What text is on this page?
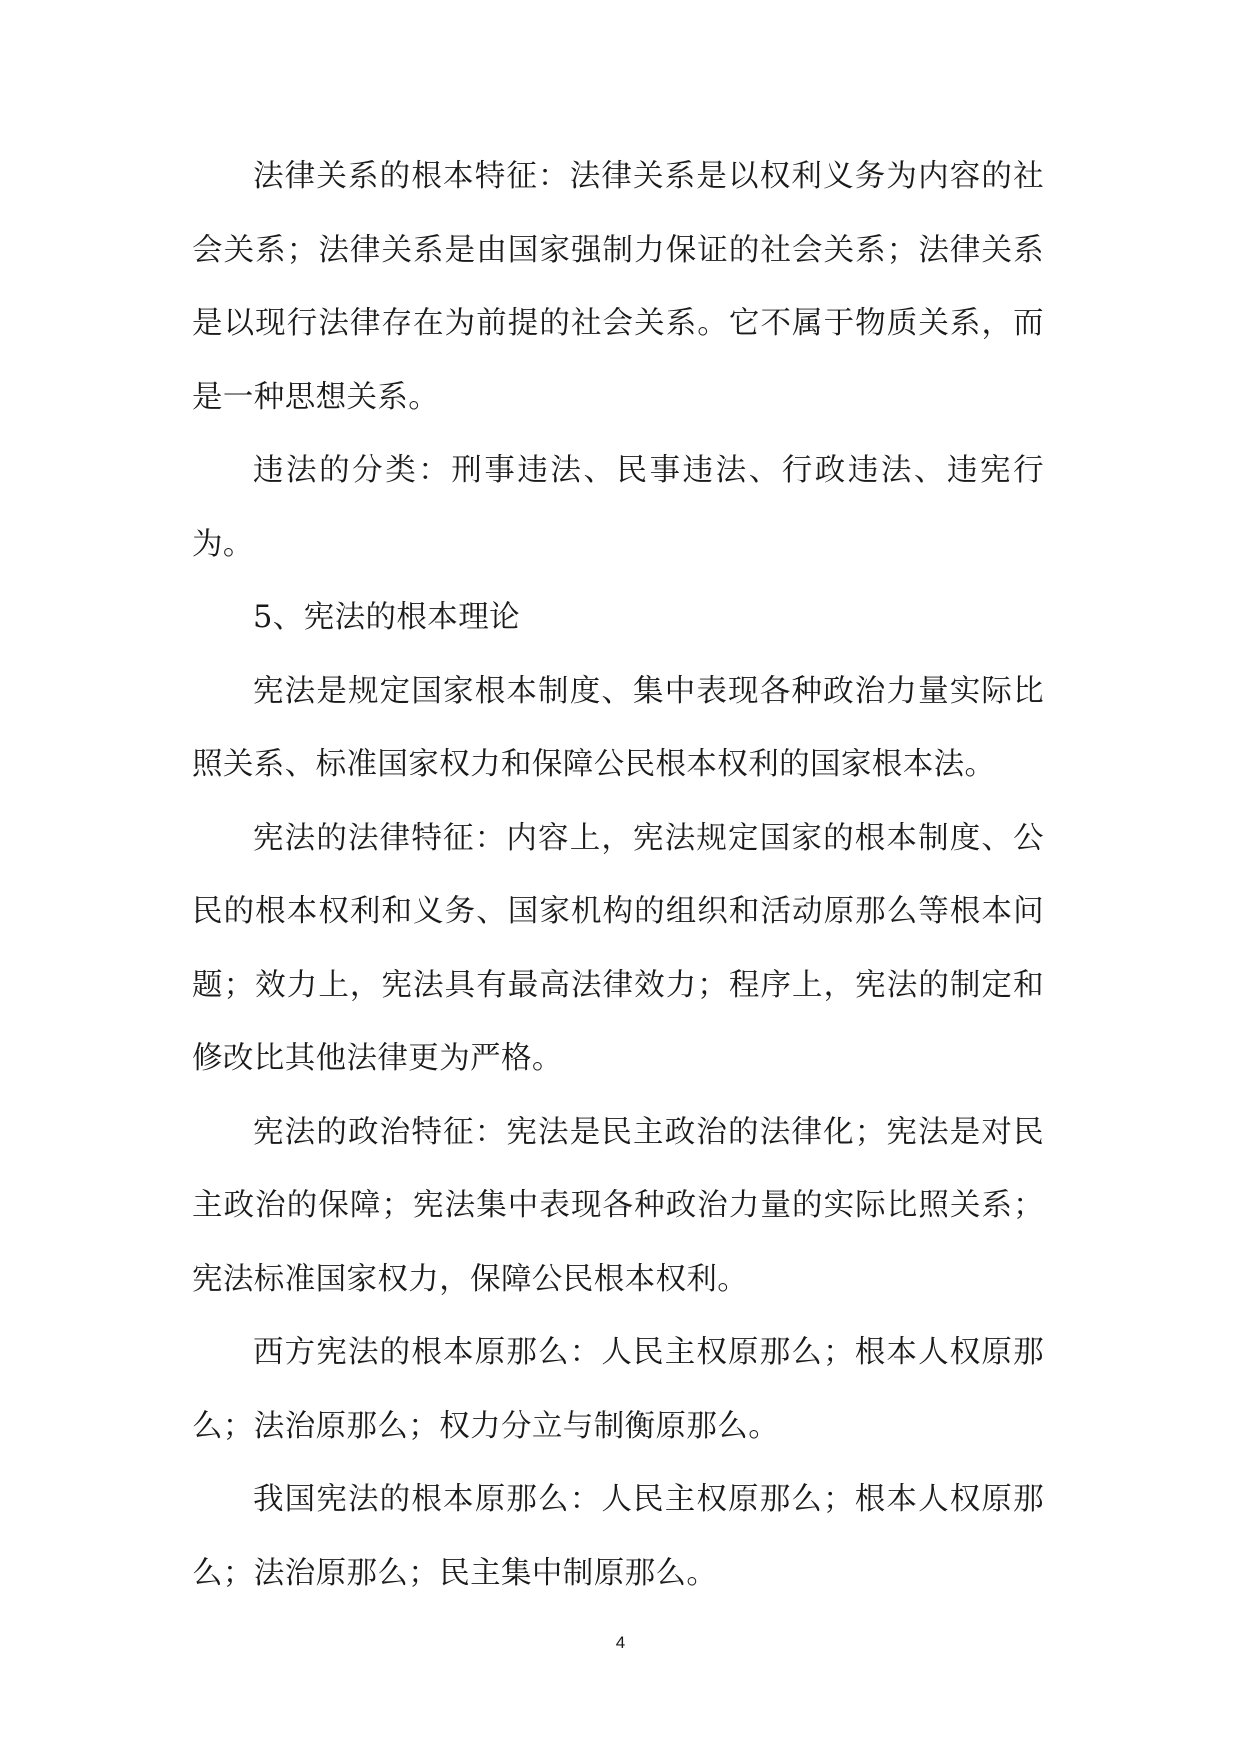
法律关系的根本特征：法律关系是以权利义务为内容的社会关系；法律关系是由国家强制力保证的社会关系；法律关系是以现行法律存在为前提的社会关系。它不属于物质关系，而是一种思想关系。

违法的分类：刑事违法、民事违法、行政违法、违宪行为。

5、宪法的根本理论

宪法是规定国家根本制度、集中表现各种政治力量实际比照关系、标准国家权力和保障公民根本权利的国家根本法。

宪法的法律特征：内容上，宪法规定国家的根本制度、公民的根本权利和义务、国家机构的组织和活动原那么等根本问题；效力上，宪法具有最高法律效力；程序上，宪法的制定和修改比其他法律更为严格。

宪法的政治特征：宪法是民主政治的法律化；宪法是对民主政治的保障；宪法集中表现各种政治力量的实际比照关系；宪法标准国家权力，保障公民根本权利。

西方宪法的根本原那么：人民主权原那么；根本人权原那么；法治原那么；权力分立与制衡原那么。

我国宪法的根本原那么：人民主权原那么；根本人权原那么；法治原那么；民主集中制原那么。

4
